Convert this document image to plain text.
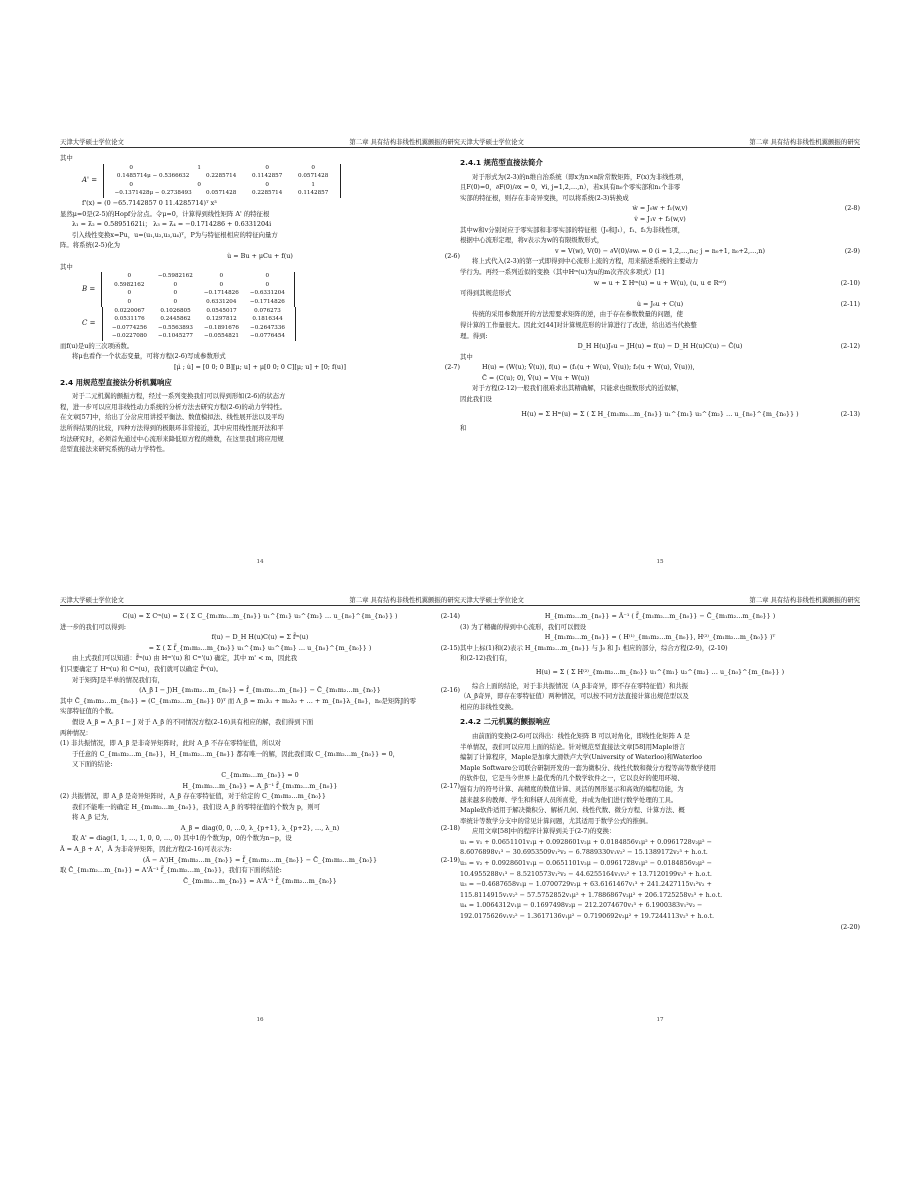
天津大学硕士学位论文	第二章 具有结构非线性机翼颤振的研究
其中
A' =
0	1	0	0
0.1485714μ − 0.5366632	0.2285714	0.1142857	0.0571428
0	0	0	1
−0.1371428μ − 0.2738493	0.0571428	0.2285714	0.1142857
f'(x) = (0 −65.7142857 0 11.4285714)ᵀ x³
显然μ=0是(2-5)的Hopf分岔点。令μ=0，计算得到线性矩阵 A' 的特征根
λ₁ = λ̄₂ = 0.58951621i； λ₃ = λ̄₄ = −0.1714286 + 0.6331204i
引入线性变换x=Pu，u=(u₁,u₂,u₃,u₄)ᵀ，P为与特征根相应的特征向量方
阵。将系统(2-5)化为
u̇ = Bu + μCu + f(u)	(2-6)
其中
B =
0	−0.5982162	0	0
0.5982162	0	0	0
0	0	−0.1714826 −0.6331204
0	0	0.6331204 −0.1714826
C =
0.0220067	0.1026805	0.0545017	0.076273
0.0531176	0.2445862	0.1297812	0.1816344
−0.0774256 −0.5563893 −0.1891676 −0.2647336
−0.0227080 −0.1045277 −0.0554821 −0.0776454
而f(u)是u的三次项函数。
将μ也看作一个状态变量，可将方程(2-6)写成参数形式
[μ̇ ; u̇] = [0 0; 0 B][μ; u] + μ[0 0; 0 C][μ; u] + [0; f(u)]	(2-7)
2.4 用规范型直接法分析机翼响应
对于二元机翼的颤振方程，经过一系列变换我们可以得到形如(2-6)的状态方
程，进一步可以应用非线性动力系统的分析方法去研究方程(2-6)的动力学特性。
在文章[57]中，给出了分岔应用讲授平衡法、数值模拟法、线性展开法以及平均
法所得结果的比较，四种方法得到的极限环非常接近，其中应用线性展开法和平
均法研究时，必须首先通过中心流形来降低原方程的维数，在这里我们将应用规
范型直接法来研究系统的动力学特性。
14
天津大学硕士学位论文	第二章 具有结构非线性机翼颤振的研究
2.4.1 规范型直接法简介
对于形式为(2-3)的n维自治系统（即x为n×n阶常数矩阵，F(x)为非线性项，
且F(0)=0，∂F(0)/∂x = 0，∀i, j=1,2,…,n），若x具有n₀个零实部和n₁个非零
实部的特征根，则存在非奇异变换，可以将系统(2-3)转换成
ẇ = J₀w + f₁(w,v)	(2-8)
v̇ = J₁v + f₂(w,v)
其中w和v分别对应于零实部和非零实部的特征根（J₀和J₁），f₁、f₂为非线性项，
根据中心流形定理，将v表示为w的有限级数形式，
v = V(w), V(0) − ∂V(0)/∂wᵢ = 0 (i = 1,2,…,n₀; j = n₀+1, n₀+2,…,n)	(2-9)
将上式代入(2-3)的第一式即得到中心流形上流的方程，用来描述系统的主要动力
学行为。再经一系列近似的变换（其中Hᵐ(u)为u的m次齐次多项式）[1]
w = u + Σ Hᵐ(u) = u + W(u), (u, u ∈ Rⁿ⁰)	(2-10)
可得到其规范形式
u̇ = J₀u + C(u)	(2-11)
传统的采用参数展开的方法需要求矩阵的逆，由于存在参数数量的问题，使
得计算的工作量很大。因此文[44]对计算规范形的计算进行了改进，给出适当代换整
理。得到:
D_H H(u)J₀u − JH(u) = f(u) − D_H H(u)C(u) − C̄(u)	(2-12)
其中
H(u) = (W(u); V̄(u)), f(u) = (f₁(u + W(u), V̄(u)); f₂(u + W(u), V̄(u))),
C̄ = (C(u); 0), V̄(u) = V(u + W(u))
对于方程(2-12)一般我们很难求出其精确解，只能求也级数形式的近似解，
因此我们设
H(u) = Σ Hᵐ(u) = Σ ( Σ H_{m₁m₂…m_{n₀}} u₁^{m₁} u₂^{m₂} … u_{n₀}^{m_{n₀}} )	(2-13)
和
15
天津大学硕士学位论文	第二章 具有结构非线性机翼颤振的研究
C(u) = Σ Cᵐ(u) = Σ ( Σ C_{m₁m₂…m_{n₀}} u₁^{m₁} u₂^{m₂} … u_{n₀}^{m_{n₀}} )	(2-14)
进一步的我们可以得到:
f(u) − D_H H(u)C(u) = Σ f̃ᵐ(u)
= Σ ( Σ f̃_{m₁m₂…m_{n₀}} u₁^{m₁} u₂^{m₂} … u_{n₀}^{m_{n₀}} )	(2-15)
由上式我们可以知道：f̃ᵐ(u) 由 Hᵐ'(u) 和 Cᵐ'(u) 确定，其中 m' < m，因此我
们只要确定了 Hᵐ(u) 和 Cᵐ(u)，我们就可以确定 f̃ᵐ(u)。
对于矩阵J是半单的情况我们有，
(Λ_β I − J)H_{m₁m₂…m_{n₀}} = f̃_{m₁m₂…m_{n₀}} − C̄_{m₁m₂…m_{n₀}}	(2-16)
其中 C̄_{m₁m₂…m_{n₀}} = (C_{m₁m₂…m_{n₀}} 0)ᵀ 而 Λ_β = m₁λ₁ + m₂λ₂ + … + m_{n₀}λ_{n₀}，n₀是矩阵J的零
实部特征值的个数。
假设 A_β = Λ_β I − J 对于 Λ_β 的不同情况方程(2-16)具有相应的解，我们得到下面
两种情况：
(1) 非共振情况，即 A_β 是非奇异矩阵时，此时 A_β 不存在零特征值，所以对
于任意的 C_{m₁m₂…m_{n₀}}，H_{m₁m₂…m_{n₀}} 都有唯一的解，因此我们取 C_{m₁m₂…m_{n₀}} = 0，
又下面的结论:
C_{m₁m₂…m_{n₀}} = 0
H_{m₁m₂…m_{n₀}} = A_β⁻¹ f̃_{m₁m₂…m_{n₀}}	(2-17)
(2) 共振情况，即 A_β 是奇异矩阵时，A_β 存在零特征值，对于给定的 C_{m₁m₂…m_{n₀}}
我们不能唯一的确定 H_{m₁m₂…m_{n₀}}，我们设 A_β 的零特征值的个数为 p，则可
将 A_β 记为,
A_β = diag(0, 0, …0, λ_{p+1}, λ_{p+2}, …, λ_n)	(2-18)
取 A' = diag(1, 1, …, 1, 0, 0, …, 0) 其中1的个数为p，0的个数为n−p，设
Ã = A_β + A'，Ã 为非奇异矩阵，因此方程(2-16)可表示为:
(Ã − A')H_{m₁m₂…m_{n₀}} = f̃_{m₁m₂…m_{n₀}} − C̄_{m₁m₂…m_{n₀}}	(2-19)
取 C̄_{m₁m₂…m_{n₀}} = A'Ã⁻¹ f̃_{m₁m₂…m_{n₀}}，我们有下面的结论:
C̄_{m₁m₂…m_{n₀}} = A'Ã⁻¹ f̃_{m₁m₂…m_{n₀}}
16
天津大学硕士学位论文	第二章 具有结构非线性机翼颤振的研究
H_{m₁m₂…m_{n₀}} = Ã⁻¹ ( f̃_{m₁m₂…m_{n₀}} − C̄_{m₁m₂…m_{n₀}} )
(3) 为了精确的得到中心流形，我们可以假设
H_{m₁m₂…m_{n₀}} = ( H⁽¹⁾_{m₁m₂…m_{n₀}}, H⁽²⁾_{m₁m₂…m_{n₀}} )ᵀ
其中上标(1)和(2)表示 H_{m₁m₂…m_{n₀}} 与 J₀ 和 J₁ 相应的部分，综合方程(2-9)，(2-10)
和(2-12)我们有，
H(u) = Σ ( Σ H⁽²⁾_{m₁m₂…m_{n₀}} u₁^{m₁} u₂^{m₂} … u_{n₀}^{m_{n₀}} )
综合上面的结论，对于非共振情况（A_β非奇异，即不存在零特征值）和共振
（A_β奇异，即存在零特征值）两种情况，可以按不同方法直接计算出规范型以及
相应的非线性变换。
2.4.2 二元机翼的颤振响应
由前面的变换(2-6)可以得出：线性化矩阵 B 可以对角化，即线性化矩阵 A 是
半单情况，我们可以应用上面的结论。针对规范型直接法文章[58]用Maple语言
编制了计算程序，Maple是加拿大滑铁卢大学(University of Waterloo)和Waterloo
Maple Software公司联合研制开发的一套为微积分、线性代数和微分方程等高等数学使用
的软件包，它是当今世界上最优秀的几个数学软件之一，它以良好的使用环境、
强有力的符号计算、高精度的数值计算、灵活的图形显示和高效的编程功能，为
越来越多的教师、学生和科研人员所喜爱，并成为他们进行数学处理的工具。
Maple软件适用于解决微积分、解析几何、线性代数、微分方程、计算方法、概
率统计等数学分支中的常见计算问题，尤其适用于数学公式的推倒。
应用文章[58]中的程序计算得到关于(2-7)的变换：
u₁ = v₁ + 0.0651101v₁μ + 0.0928601v₂μ + 0.0184856v₁μ² + 0.0961728v₂μ² −
8.6076898v₁³ − 30.6953509v₁²v₂ − 6.7889330v₁v₂² − 15.1389172v₂³ + h.o.t.
u₂ = v₂ + 0.0928601v₁μ − 0.0651101v₂μ − 0.0961728v₁μ² − 0.0184856v₂μ² −
10.4955288v₁³ − 8.5210573v₁²v₂ − 44.6255164v₁v₂² + 13.7120199v₂³ + h.o.t.
u₃ = −0.4687658v₁μ − 1.0700729v₂μ + 63.6161467v₁³ + 241.2427115v₁²v₂ +
115.8114915v₁v₂² − 57.5752852v₁μ² + 1.7886867v₂μ² + 206.1725258v₂³ + h.o.t.
u₄ = 1.0064312v₁μ − 0.1697498v₂μ − 212.2074670v₁³ + 6.1900383v₁²v₂ −
192.0175626v₁v₂² − 1.3617136v₁μ² − 0.7190692v₂μ² + 19.7244113v₂³ + h.o.t.
(2-20)

17
